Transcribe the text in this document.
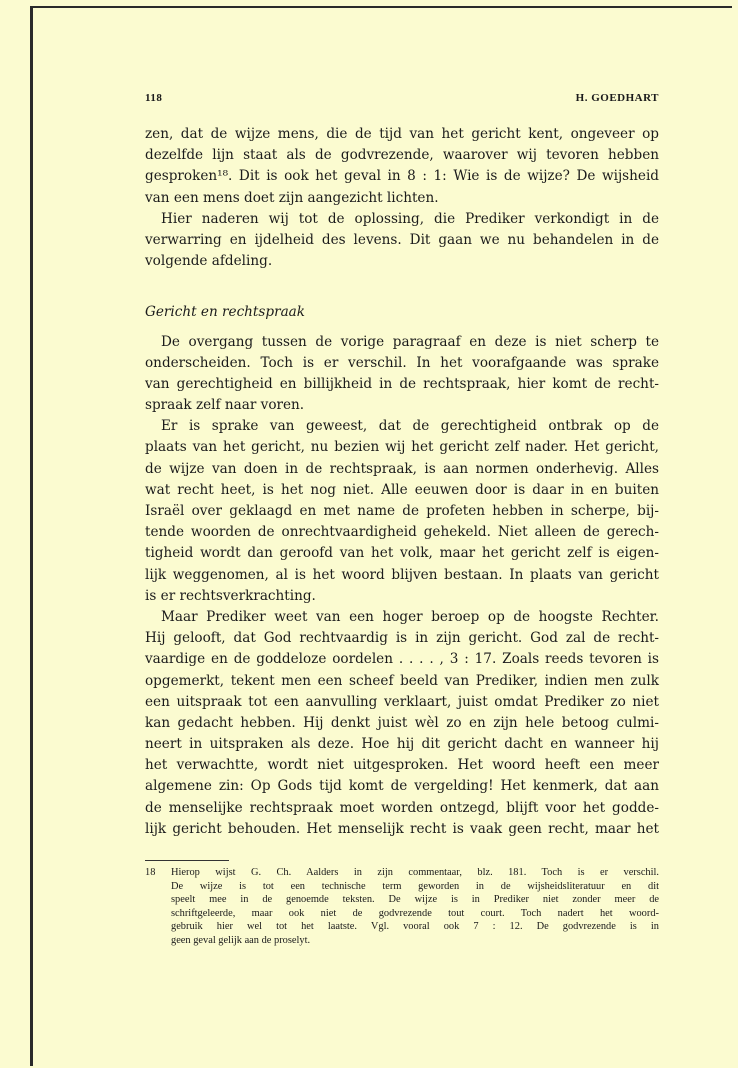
118	H. GOEDHART
zen, dat de wijze mens, die de tijd van het gericht kent, ongeveer op
dezelfde lijn staat als de godvrezende, waarover wij tevoren hebben
gesproken¹⁸. Dit is ook het geval in 8 : 1: Wie is de wijze? De wijsheid
van een mens doet zijn aangezicht lichten.
Hier naderen wij tot de oplossing, die Prediker verkondigt in de
verwarring en ijdelheid des levens. Dit gaan we nu behandelen in de
volgende afdeling.
Gericht en rechtspraak
De overgang tussen de vorige paragraaf en deze is niet scherp te
onderscheiden. Toch is er verschil. In het voorafgaande was sprake
van gerechtigheid en billijkheid in de rechtspraak, hier komt de recht-
spraak zelf naar voren.
Er is sprake van geweest, dat de gerechtigheid ontbrak op de
plaats van het gericht, nu bezien wij het gericht zelf nader. Het gericht,
de wijze van doen in de rechtspraak, is aan normen onderhevig. Alles
wat recht heet, is het nog niet. Alle eeuwen door is daar in en buiten
Israël over geklaagd en met name de profeten hebben in scherpe, bij-
tende woorden de onrechtvaardigheid gehekeld. Niet alleen de gerech-
tigheid wordt dan geroofd van het volk, maar het gericht zelf is eigen-
lijk weggenomen, al is het woord blijven bestaan. In plaats van gericht
is er rechtsverkrachting.
Maar Prediker weet van een hoger beroep op de hoogste Rechter.
Hij gelooft, dat God rechtvaardig is in zijn gericht. God zal de recht-
vaardige en de goddeloze oordelen . . . . , 3 : 17. Zoals reeds tevoren is
opgemerkt, tekent men een scheef beeld van Prediker, indien men zulk
een uitspraak tot een aanvulling verklaart, juist omdat Prediker zo niet
kan gedacht hebben. Hij denkt juist wèl zo en zijn hele betoog culmi-
neert in uitspraken als deze. Hoe hij dit gericht dacht en wanneer hij
het verwachtte, wordt niet uitgesproken. Het woord heeft een meer
algemene zin: Op Gods tijd komt de vergelding! Het kenmerk, dat aan
de menselijke rechtspraak moet worden ontzegd, blijft voor het godde-
lijk gericht behouden. Het menselijk recht is vaak geen recht, maar het
18	Hierop wijst G. Ch. Aalders in zijn commentaar, blz. 181. Toch is er verschil.
De wijze is tot een technische term geworden in de wijsheidsliteratuur en dit
speelt mee in de genoemde teksten. De wijze is in Prediker niet zonder meer de
schriftgeleerde, maar ook niet de godvrezende tout court. Toch nadert het woord-
gebruik hier wel tot het laatste. Vgl. vooral ook 7 : 12. De godvrezende is in
geen geval gelijk aan de proselyt.
